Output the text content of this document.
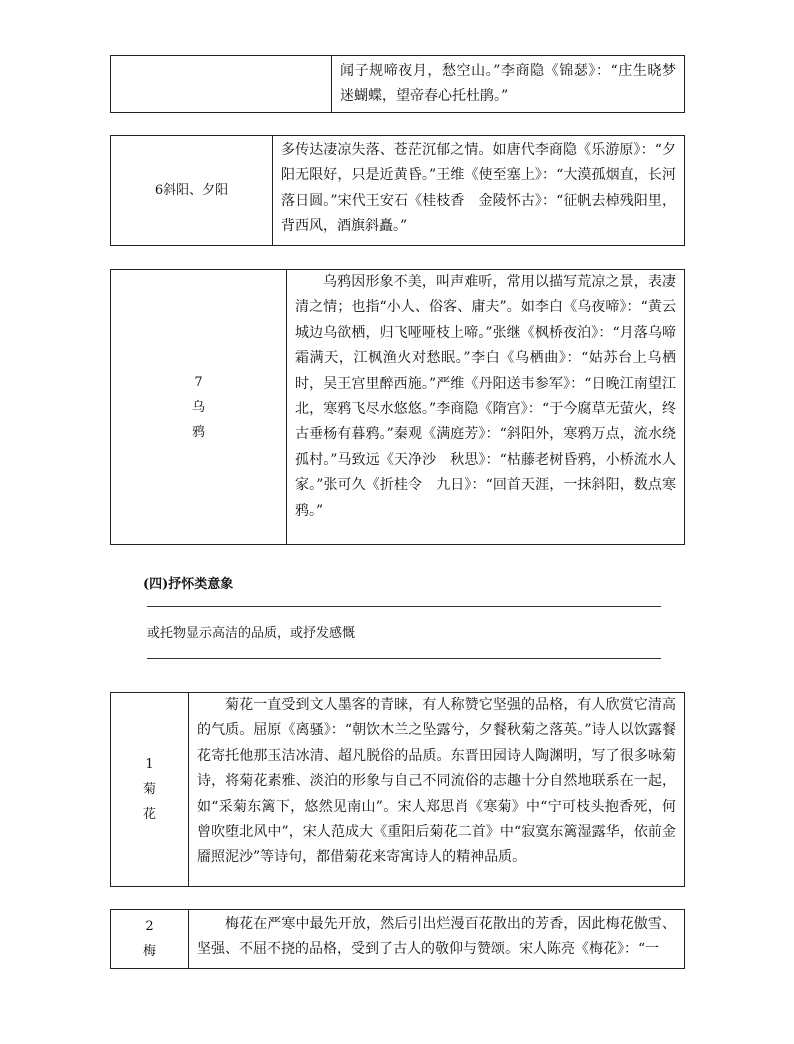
闻子规啼夜月，愁空山。”李商隐《锦瑟》：“庄生晓梦迷蝴蝶，望帝春心托杜鹃。”
6斜阳、夕阳
多传达凄凉失落、苍茫沉郁之情。如唐代李商隐《乐游原》：“夕阳无限好，只是近黄昏。”王维《使至塞上》：“大漠孤烟直，长河落日圆。”宋代王安石《桂枝香　金陵怀古》：“征帆去棹残阳里，背西风，酒旗斜矗。”
7
乌
鸦
乌鸦因形象不美，叫声难听，常用以描写荒凉之景，表凄清之情；也指“小人、俗客、庸夫”。如李白《乌夜啼》：“黄云城边乌欲栖，归飞哑哑枝上啼。”张继《枫桥夜泊》：“月落乌啼霜满天，江枫渔火对愁眠。”李白《乌栖曲》：“姑苏台上乌栖时，吴王宫里醉西施。”严维《丹阳送韦参军》：“日晚江南望江北，寒鸦飞尽水悠悠。”李商隐《隋宫》：“于今腐草无萤火，终古垂杨有暮鸦。”秦观《满庭芳》：“斜阳外，寒鸦万点，流水绕孤村。”马致远《天净沙　秋思》：“枯藤老树昏鸦，小桥流水人家。”张可久《折桂令　九日》：“回首天涯，一抹斜阳，数点寒鸦。”
(四)抒怀类意象
或托物显示高洁的品质，或抒发感慨
1
菊
花
菊花一直受到文人墨客的青睐，有人称赞它坚强的品格，有人欣赏它清高的气质。屈原《离骚》：“朝饮木兰之坠露兮，夕餐秋菊之落英。”诗人以饮露餐花寄托他那玉洁冰清、超凡脱俗的品质。东晋田园诗人陶渊明，写了很多咏菊诗，将菊花素雅、淡泊的形象与自己不同流俗的志趣十分自然地联系在一起，如“采菊东篱下，悠然见南山”。宋人郑思肖《寒菊》中“宁可枝头抱香死，何曾吹堕北风中”，宋人范成大《重阳后菊花二首》中“寂寞东篱湿露华，依前金靥照泥沙”等诗句，都借菊花来寄寓诗人的精神品质。
2
梅
梅花在严寒中最先开放，然后引出烂漫百花散出的芳香，因此梅花傲雪、坚强、不屈不挠的品格，受到了古人的敬仰与赞颂。宋人陈亮《梅花》：“一
